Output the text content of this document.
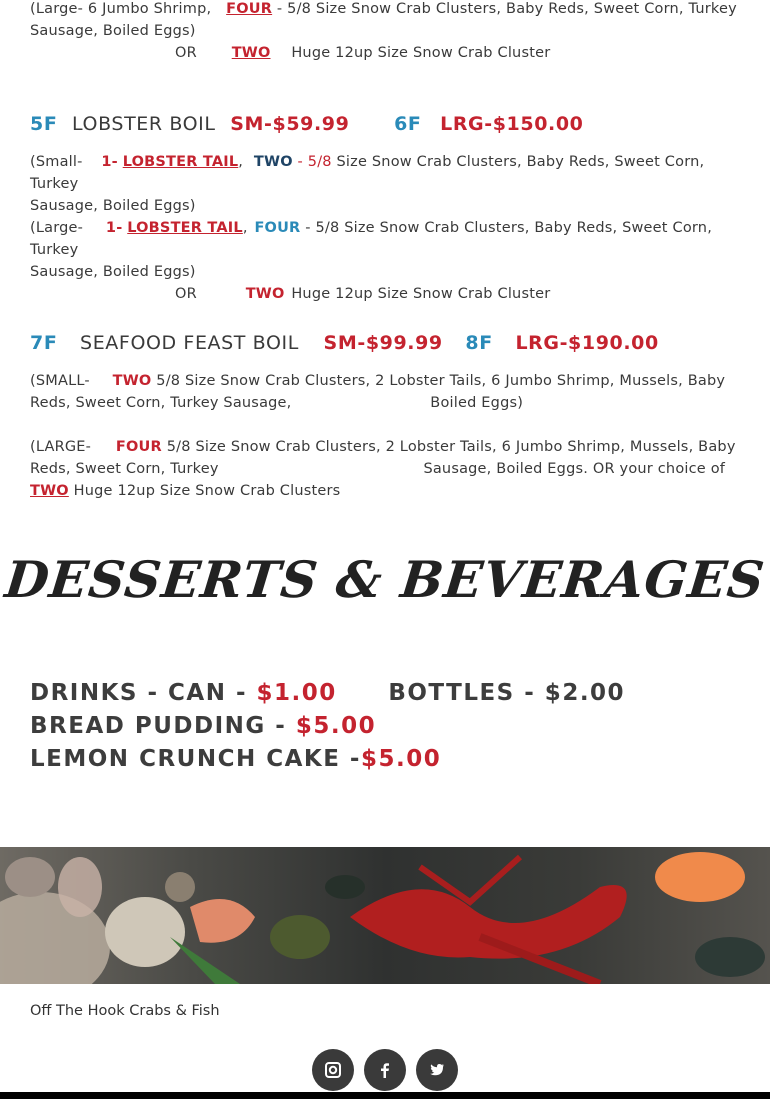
(Large- 6 Jumbo Shrimp, FOUR - 5/8 Size Snow Crab Clusters, Baby Reds, Sweet Corn, Turkey
Sausage, Boiled Eggs)
OR TWO Huge 12up Size Snow Crab Cluster
5F LOBSTER BOIL SM-$59.99 6F LRG-$150.00
(Small- 1- LOBSTER TAIL, TWO - 5/8 Size Snow Crab Clusters, Baby Reds, Sweet Corn, Turkey
Sausage, Boiled Eggs)
(Large- 1- LOBSTER TAIL, FOUR - 5/8 Size Snow Crab Clusters, Baby Reds, Sweet Corn, Turkey
Sausage, Boiled Eggs)
OR	TWO Huge 12up Size Snow Crab Cluster
7F SEAFOOD FEAST BOIL SM-$99.99 8F LRG-$190.00
(SMALL- TWO 5/8 Size Snow Crab Clusters, 2 Lobster Tails, 6 Jumbo Shrimp, Mussels, Baby
Reds, Sweet Corn, Turkey Sausage,	Boiled Eggs)
(LARGE- FOUR 5/8 Size Snow Crab Clusters, 2 Lobster Tails, 6 Jumbo Shrimp, Mussels, Baby
Reds, Sweet Corn, Turkey	Sausage, Boiled Eggs. OR your choice of
TWO Huge 12up Size Snow Crab Clusters
DESSERTS & BEVERAGES
DRINKS - CAN - $1.00 BOTTLES - $2.00
BREAD PUDDING - $5.00
LEMON CRUNCH CAKE -$5.00
Off The Hook Crabs & Fish
